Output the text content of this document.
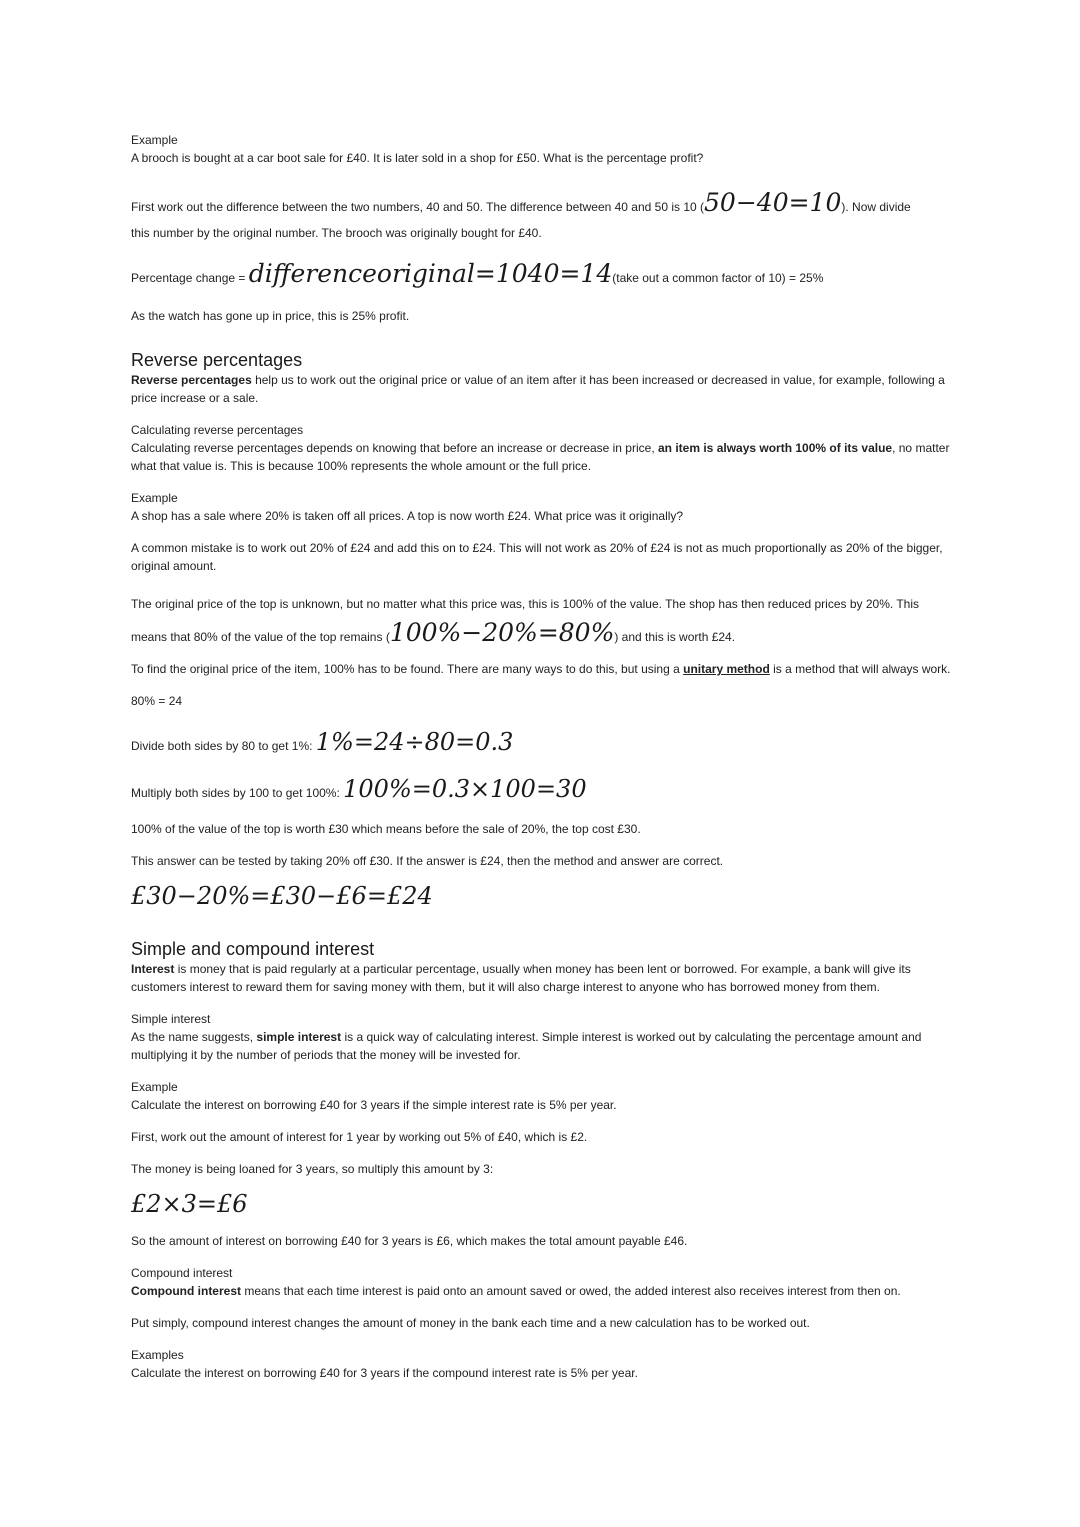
Example

A brooch is bought at a car boot sale for £40. It is later sold in a shop for £50. What is the percentage profit?

First work out the difference between the two numbers, 40 and 50. The difference between 40 and 50 is 10 (50−40=10). Now divide
this number by the original number. The brooch was originally bought for £40.

Percentage change = differenceoriginal=1040=14(take out a common factor of 10) = 25%

As the watch has gone up in price, this is 25% profit.

Reverse percentages

Reverse percentages help us to work out the original price or value of an item after it has been increased or decreased in value, for example, following a price increase or a sale.

Calculating reverse percentages

Calculating reverse percentages depends on knowing that before an increase or decrease in price, an item is always worth 100% of its value, no matter what that value is. This is because 100% represents the whole amount or the full price.

Example

A shop has a sale where 20% is taken off all prices. A top is now worth £24. What price was it originally?

A common mistake is to work out 20% of £24 and add this on to £24. This will not work as 20% of £24 is not as much proportionally as 20% of the bigger, original amount.

The original price of the top is unknown, but no matter what this price was, this is 100% of the value. The shop has then reduced prices by 20%. This
means that 80% of the value of the top remains (100%−20%=80%) and this is worth £24.

To find the original price of the item, 100% has to be found. There are many ways to do this, but using a unitary method is a method that will always work.

80% = 24

Divide both sides by 80 to get 1%: 1%=24÷80=0.3

Multiply both sides by 100 to get 100%: 100%=0.3×100=30

100% of the value of the top is worth £30 which means before the sale of 20%, the top cost £30.

This answer can be tested by taking 20% off £30. If the answer is £24, then the method and answer are correct.

£30−20%=£30−£6=£24

Simple and compound interest

Interest is money that is paid regularly at a particular percentage, usually when money has been lent or borrowed. For example, a bank will give its customers interest to reward them for saving money with them, but it will also charge interest to anyone who has borrowed money from them.

Simple interest

As the name suggests, simple interest is a quick way of calculating interest. Simple interest is worked out by calculating the percentage amount and multiplying it by the number of periods that the money will be invested for.

Example

Calculate the interest on borrowing £40 for 3 years if the simple interest rate is 5% per year.

First, work out the amount of interest for 1 year by working out 5% of £40, which is £2.

The money is being loaned for 3 years, so multiply this amount by 3:

£2×3=£6

So the amount of interest on borrowing £40 for 3 years is £6, which makes the total amount payable £46.

Compound interest

Compound interest means that each time interest is paid onto an amount saved or owed, the added interest also receives interest from then on.

Put simply, compound interest changes the amount of money in the bank each time and a new calculation has to be worked out.

Examples

Calculate the interest on borrowing £40 for 3 years if the compound interest rate is 5% per year.
